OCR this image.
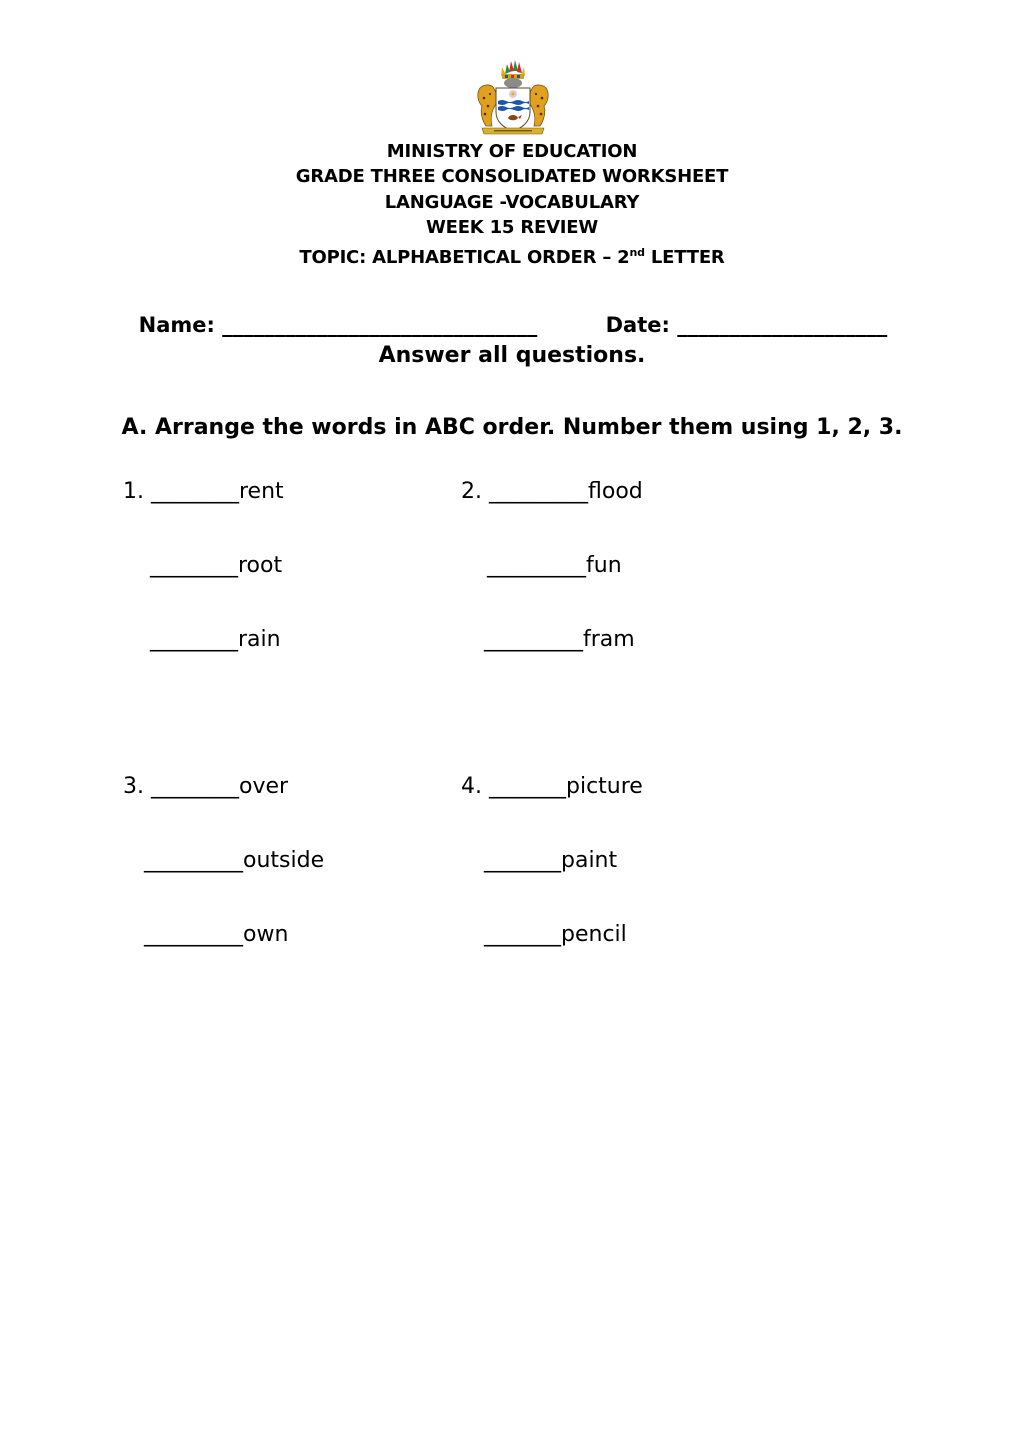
MINISTRY OF EDUCATION
GRADE THREE CONSOLIDATED WORKSHEET
LANGUAGE -VOCABULARY
WEEK 15 REVIEW
TOPIC: ALPHABETICAL ORDER – 2nd LETTER

Name: ______________________________	Date: ____________________

Answer all questions.
A. Arrange the words in ABC order. Number them using 1, 2, 3.
1. ________rent
________root
________rain
2. _________flood
_________fun
_________fram
3. ________over
_________outside
_________own
4. _______picture
_______paint
_______pencil
